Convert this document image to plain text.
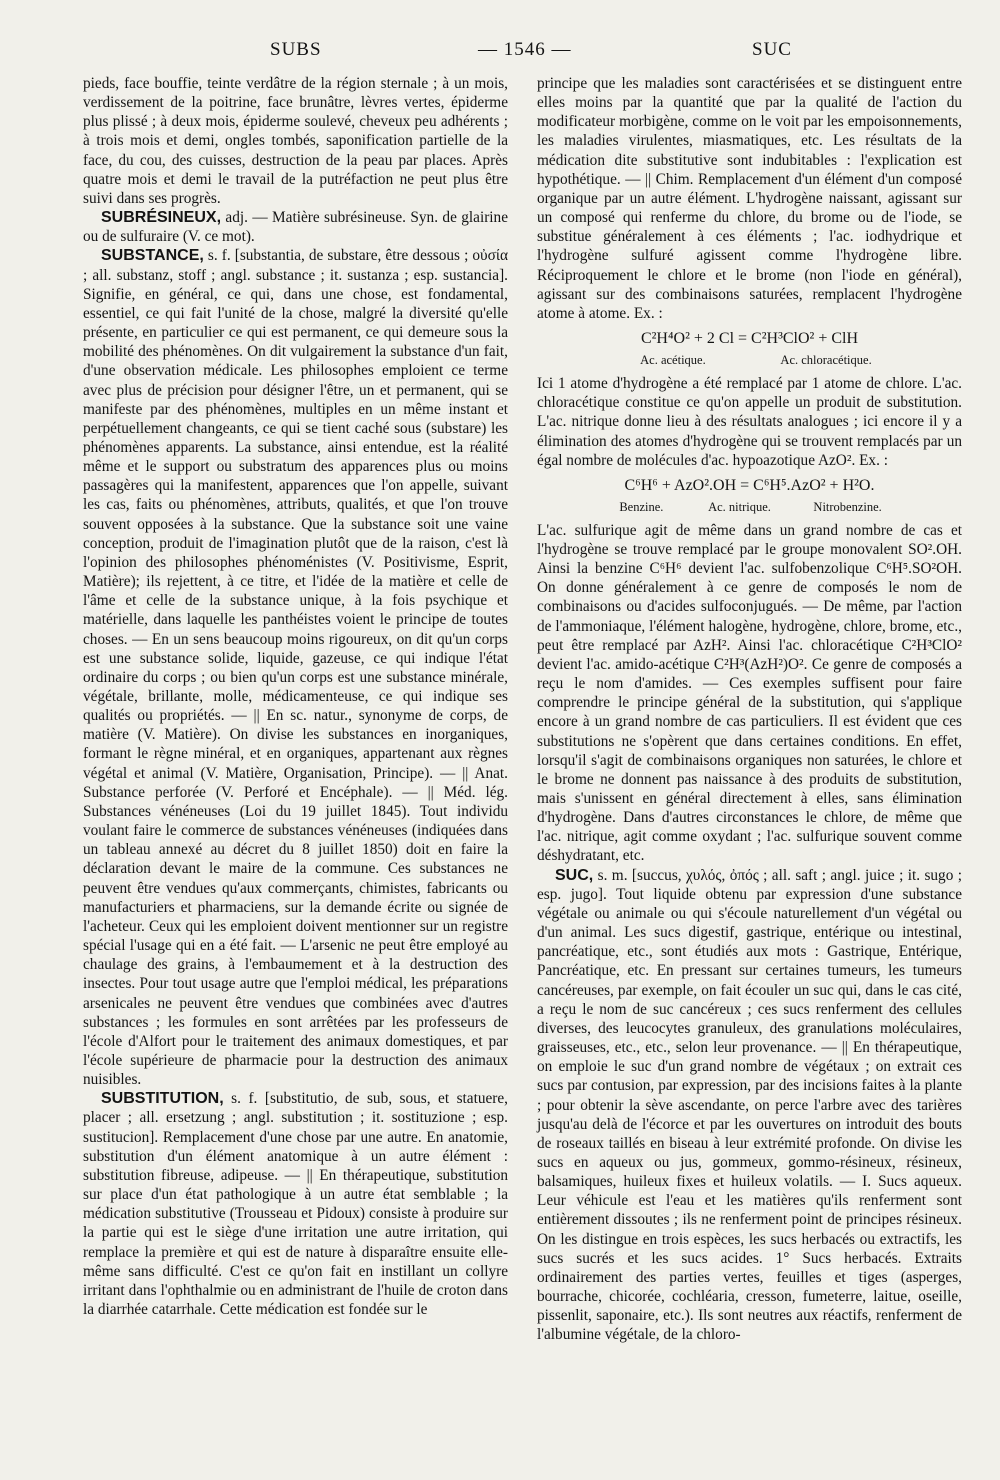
SUBS	— 1546 —	SUC

pieds, face bouffie, teinte verdâtre de la région sternale ; à un mois, verdissement de la poitrine, face brunâtre, lèvres vertes, épiderme plus plissé ; à deux mois, épiderme soulevé, cheveux peu adhérents ; à trois mois et demi, ongles tombés, saponification partielle de la face, du cou, des cuisses, destruction de la peau par places. Après quatre mois et demi le travail de la putréfaction ne peut plus être suivi dans ses progrès.

SUBRÉSINEUX, adj. — Matière subrésineuse. Syn. de glairine ou de sulfuraire (V. ce mot).

SUBSTANCE, s. f. [substantia, de substare, être dessous ; οὐσία ; all. substanz, stoff ; angl. substance ; it. sustanza ; esp. sustancia]. Signifie, en général, ce qui, dans une chose, est fondamental, essentiel, ce qui fait l'unité de la chose, malgré la diversité qu'elle présente, en particulier ce qui est permanent, ce qui demeure sous la mobilité des phénomènes. On dit vulgairement la substance d'un fait, d'une observation médicale. Les philosophes emploient ce terme avec plus de précision pour désigner l'être, un et permanent, qui se manifeste par des phénomènes, multiples en un même instant et perpétuellement changeants, ce qui se tient caché sous (substare) les phénomènes apparents. La substance, ainsi entendue, est la réalité même et le support ou substratum des apparences plus ou moins passagères qui la manifestent, apparences que l'on appelle, suivant les cas, faits ou phénomènes, attributs, qualités, et que l'on trouve souvent opposées à la substance. Que la substance soit une vaine conception, produit de l'imagination plutôt que de la raison, c'est là l'opinion des philosophes phénoménistes (V. Positivisme, Esprit, Matière); ils rejettent, à ce titre, et l'idée de la matière et celle de l'âme et celle de la substance unique, à la fois psychique et matérielle, dans laquelle les panthéistes voient le principe de toutes choses. — En un sens beaucoup moins rigoureux, on dit qu'un corps est une substance solide, liquide, gazeuse, ce qui indique l'état ordinaire du corps ; ou bien qu'un corps est une substance minérale, végétale, brillante, molle, médicamenteuse, ce qui indique ses qualités ou propriétés. — || En sc. natur., synonyme de corps, de matière (V. Matière). On divise les substances en inorganiques, formant le règne minéral, et en organiques, appartenant aux règnes végétal et animal (V. Matière, Organisation, Principe). — || Anat. Substance perforée (V. Perforé et Encéphale). — || Méd. lég. Substances vénéneuses (Loi du 19 juillet 1845). Tout individu voulant faire le commerce de substances vénéneuses (indiquées dans un tableau annexé au décret du 8 juillet 1850) doit en faire la déclaration devant le maire de la commune. Ces substances ne peuvent être vendues qu'aux commerçants, chimistes, fabricants ou manufacturiers et pharmaciens, sur la demande écrite ou signée de l'acheteur. Ceux qui les emploient doivent mentionner sur un registre spécial l'usage qui en a été fait. — L'arsenic ne peut être employé au chaulage des grains, à l'embaumement et à la destruction des insectes. Pour tout usage autre que l'emploi médical, les préparations arsenicales ne peuvent être vendues que combinées avec d'autres substances ; les formules en sont arrêtées par les professeurs de l'école d'Alfort pour le traitement des animaux domestiques, et par l'école supérieure de pharmacie pour la destruction des animaux nuisibles.

SUBSTITUTION, s. f. [substitutio, de sub, sous, et statuere, placer ; all. ersetzung ; angl. substitution ; it. sostituzione ; esp. sustitucion]. Remplacement d'une chose par une autre. En anatomie, substitution d'un élément anatomique à un autre élément : substitution fibreuse, adipeuse. — || En thérapeutique, substitution sur place d'un état pathologique à un autre état semblable ; la médication substitutive (Trousseau et Pidoux) consiste à produire sur la partie qui est le siège d'une irritation une autre irritation, qui remplace la première et qui est de nature à disparaître ensuite elle-même sans difficulté. C'est ce qu'on fait en instillant un collyre irritant dans l'ophthalmie ou en administrant de l'huile de croton dans la diarrhée catarrhale. Cette médication est fondée sur le

principe que les maladies sont caractérisées et se distinguent entre elles moins par la quantité que par la qualité de l'action du modificateur morbigène, comme on le voit par les empoisonnements, les maladies virulentes, miasmatiques, etc. Les résultats de la médication dite substitutive sont indubitables : l'explication est hypothétique. — || Chim. Remplacement d'un élément d'un composé organique par un autre élément. L'hydrogène naissant, agissant sur un composé qui renferme du chlore, du brome ou de l'iode, se substitue généralement à ces éléments ; l'ac. iodhydrique et l'hydrogène sulfuré agissent comme l'hydrogène libre. Réciproquement le chlore et le brome (non l'iode en général), agissant sur des combinaisons saturées, remplacent l'hydrogène atome à atome. Ex. :

C²H⁴O² + 2 Cl = C²H³ClO² + ClH
Ac. acétique.	Ac. chloracétique.

Ici 1 atome d'hydrogène a été remplacé par 1 atome de chlore. L'ac. chloracétique constitue ce qu'on appelle un produit de substitution. L'ac. nitrique donne lieu à des résultats analogues ; ici encore il y a élimination des atomes d'hydrogène qui se trouvent remplacés par un égal nombre de molécules d'ac. hypoazotique AzO². Ex. :

C⁶H⁶ + AzO².OH = C⁶H⁵.AzO² + H²O.
Benzine.	Ac. nitrique.	Nitrobenzine.

L'ac. sulfurique agit de même dans un grand nombre de cas et l'hydrogène se trouve remplacé par le groupe monovalent SO².OH. Ainsi la benzine C⁶H⁶ devient l'ac. sulfobenzolique C⁶H⁵.SO²OH. On donne généralement à ce genre de composés le nom de combinaisons ou d'acides sulfoconjugués. — De même, par l'action de l'ammoniaque, l'élément halogène, hydrogène, chlore, brome, etc., peut être remplacé par AzH². Ainsi l'ac. chloracétique C²H³ClO² devient l'ac. amido-acétique C²H³(AzH²)O². Ce genre de composés a reçu le nom d'amides. — Ces exemples suffisent pour faire comprendre le principe général de la substitution, qui s'applique encore à un grand nombre de cas particuliers. Il est évident que ces substitutions ne s'opèrent que dans certaines conditions. En effet, lorsqu'il s'agit de combinaisons organiques non saturées, le chlore et le brome ne donnent pas naissance à des produits de substitution, mais s'unissent en général directement à elles, sans élimination d'hydrogène. Dans d'autres circonstances le chlore, de même que l'ac. nitrique, agit comme oxydant ; l'ac. sulfurique souvent comme déshydratant, etc.

SUC, s. m. [succus, χυλός, ὀπός ; all. saft ; angl. juice ; it. sugo ; esp. jugo]. Tout liquide obtenu par expression d'une substance végétale ou animale ou qui s'écoule naturellement d'un végétal ou d'un animal. Les sucs digestif, gastrique, entérique ou intestinal, pancréatique, etc., sont étudiés aux mots : Gastrique, Entérique, Pancréatique, etc. En pressant sur certaines tumeurs, les tumeurs cancéreuses, par exemple, on fait écouler un suc qui, dans le cas cité, a reçu le nom de suc cancéreux ; ces sucs renferment des cellules diverses, des leucocytes granuleux, des granulations moléculaires, graisseuses, etc., etc., selon leur provenance. — || En thérapeutique, on emploie le suc d'un grand nombre de végétaux ; on extrait ces sucs par contusion, par expression, par des incisions faites à la plante ; pour obtenir la sève ascendante, on perce l'arbre avec des tarières jusqu'au delà de l'écorce et par les ouvertures on introduit des bouts de roseaux taillés en biseau à leur extrémité profonde. On divise les sucs en aqueux ou jus, gommeux, gommo-résineux, résineux, balsamiques, huileux fixes et huileux volatils. — I. Sucs aqueux. Leur véhicule est l'eau et les matières qu'ils renferment sont entièrement dissoutes ; ils ne renferment point de principes résineux. On les distingue en trois espèces, les sucs herbacés ou extractifs, les sucs sucrés et les sucs acides. 1° Sucs herbacés. Extraits ordinairement des parties vertes, feuilles et tiges (asperges, bourrache, chicorée, cochléaria, cresson, fumeterre, laitue, oseille, pissenlit, saponaire, etc.). Ils sont neutres aux réactifs, renferment de l'albumine végétale, de la chloro-
